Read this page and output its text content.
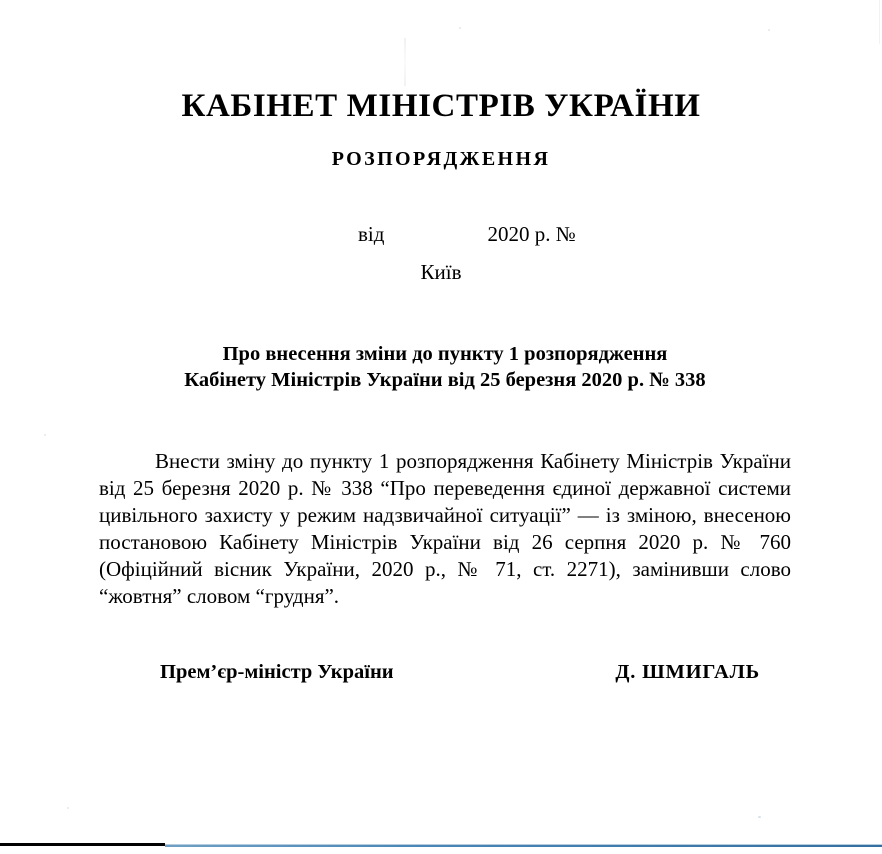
КАБІНЕТ МІНІСТРІВ УКРАЇНИ
РОЗПОРЯДЖЕННЯ

від	2020 р. №

Київ
Про внесення зміни до пункту 1 розпорядження
Кабінету Міністрів України від 25 березня 2020 р. № 338

Внести зміну до пункту 1 розпорядження Кабінету Міністрів України від 25 березня 2020 р. № 338 “Про переведення єдиної державної системи цивільного захисту у режим надзвичайної ситуації” — із зміною, внесеною постановою Кабінету Міністрів України від 26 серпня 2020 р. № 760 (Офіційний вісник України, 2020 р., № 71, ст. 2271), замінивши слово “жовтня” словом “грудня”.

Прем’єр-міністр України	Д. ШМИГАЛЬ
